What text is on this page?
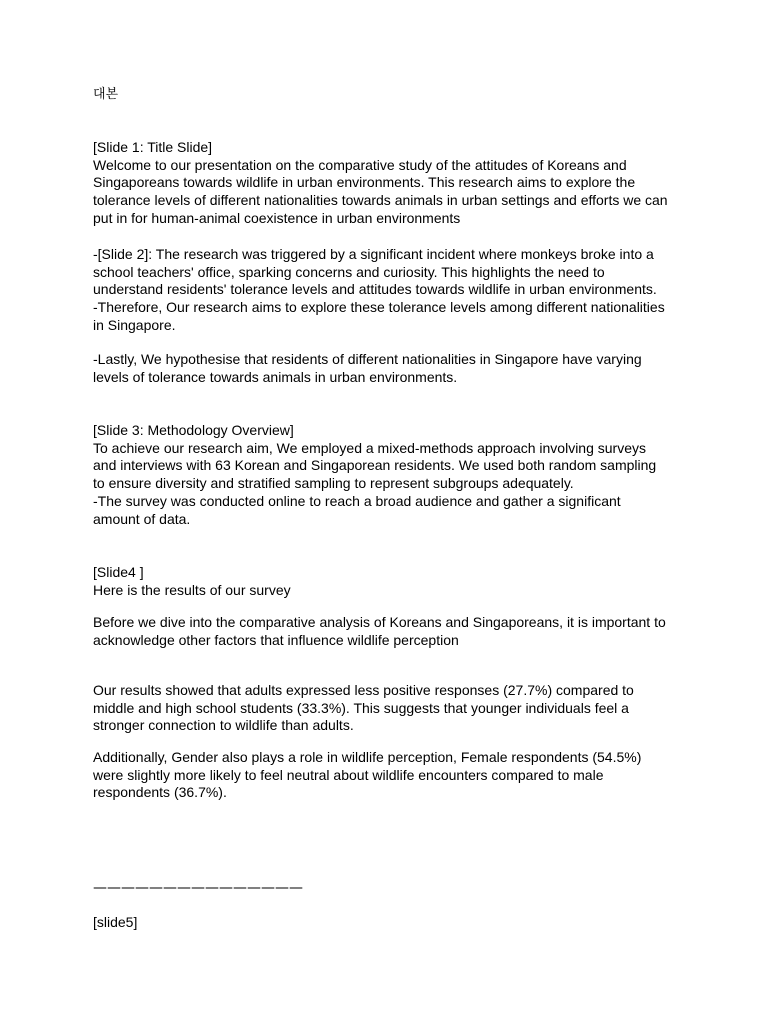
대본
[Slide 1: Title Slide]
Welcome to our presentation on the comparative study of the attitudes of Koreans and
Singaporeans towards wildlife in urban environments. This research aims to explore the
tolerance levels of different nationalities towards animals in urban settings and efforts we can
put in for human-animal coexistence in urban environments
-[Slide 2]: The research was triggered by a significant incident where monkeys broke into a
school teachers' office, sparking concerns and curiosity. This highlights the need to
understand residents' tolerance levels and attitudes towards wildlife in urban environments.
-Therefore, Our research aims to explore these tolerance levels among different nationalities
in Singapore.
-Lastly, We hypothesise that residents of different nationalities in Singapore have varying
levels of tolerance towards animals in urban environments.
[Slide 3: Methodology Overview]
To achieve our research aim, We employed a mixed-methods approach involving surveys
and interviews with 63 Korean and Singaporean residents. We used both random sampling
to ensure diversity and stratified sampling to represent subgroups adequately.
-The survey was conducted online to reach a broad audience and gather a significant
amount of data.
[Slide4 ]
Here is the results of our survey
Before we dive into the comparative analysis of Koreans and Singaporeans, it is important to
acknowledge other factors that influence wildlife perception
Our results showed that adults expressed less positive responses (27.7%) compared to
middle and high school students (33.3%). This suggests that younger individuals feel a
stronger connection to wildlife than adults.
Additionally, Gender also plays a role in wildlife perception, Female respondents (54.5%)
were slightly more likely to feel neutral about wildlife encounters compared to male
respondents (36.7%).
———————————————
[slide5]
